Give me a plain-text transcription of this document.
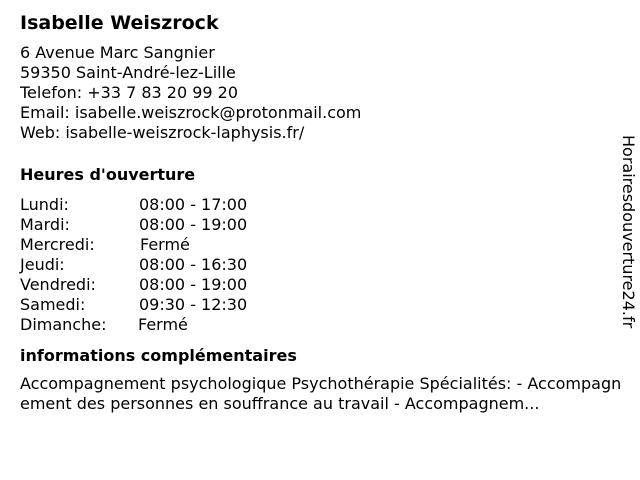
Isabelle Weiszrock
6 Avenue Marc Sangnier
59350 Saint-André-lez-Lille
Telefon: +33 7 83 20 99 20
Email: isabelle.weiszrock@protonmail.com
Web: isabelle-weiszrock-laphysis.fr/
Heures d'ouverture
Lundi:	08:00 - 17:00
Mardi:	08:00 - 19:00
Mercredi:	Fermé
Jeudi:	08:00 - 16:30
Vendredi:	08:00 - 19:00
Samedi:	09:30 - 12:30
Dimanche: Fermé
informations complémentaires
Accompagnement psychologique Psychothérapie Spécialités: - Accompagnement des personnes en souffrance au travail - Accompagnem...
Horairesdouverture24.fr
